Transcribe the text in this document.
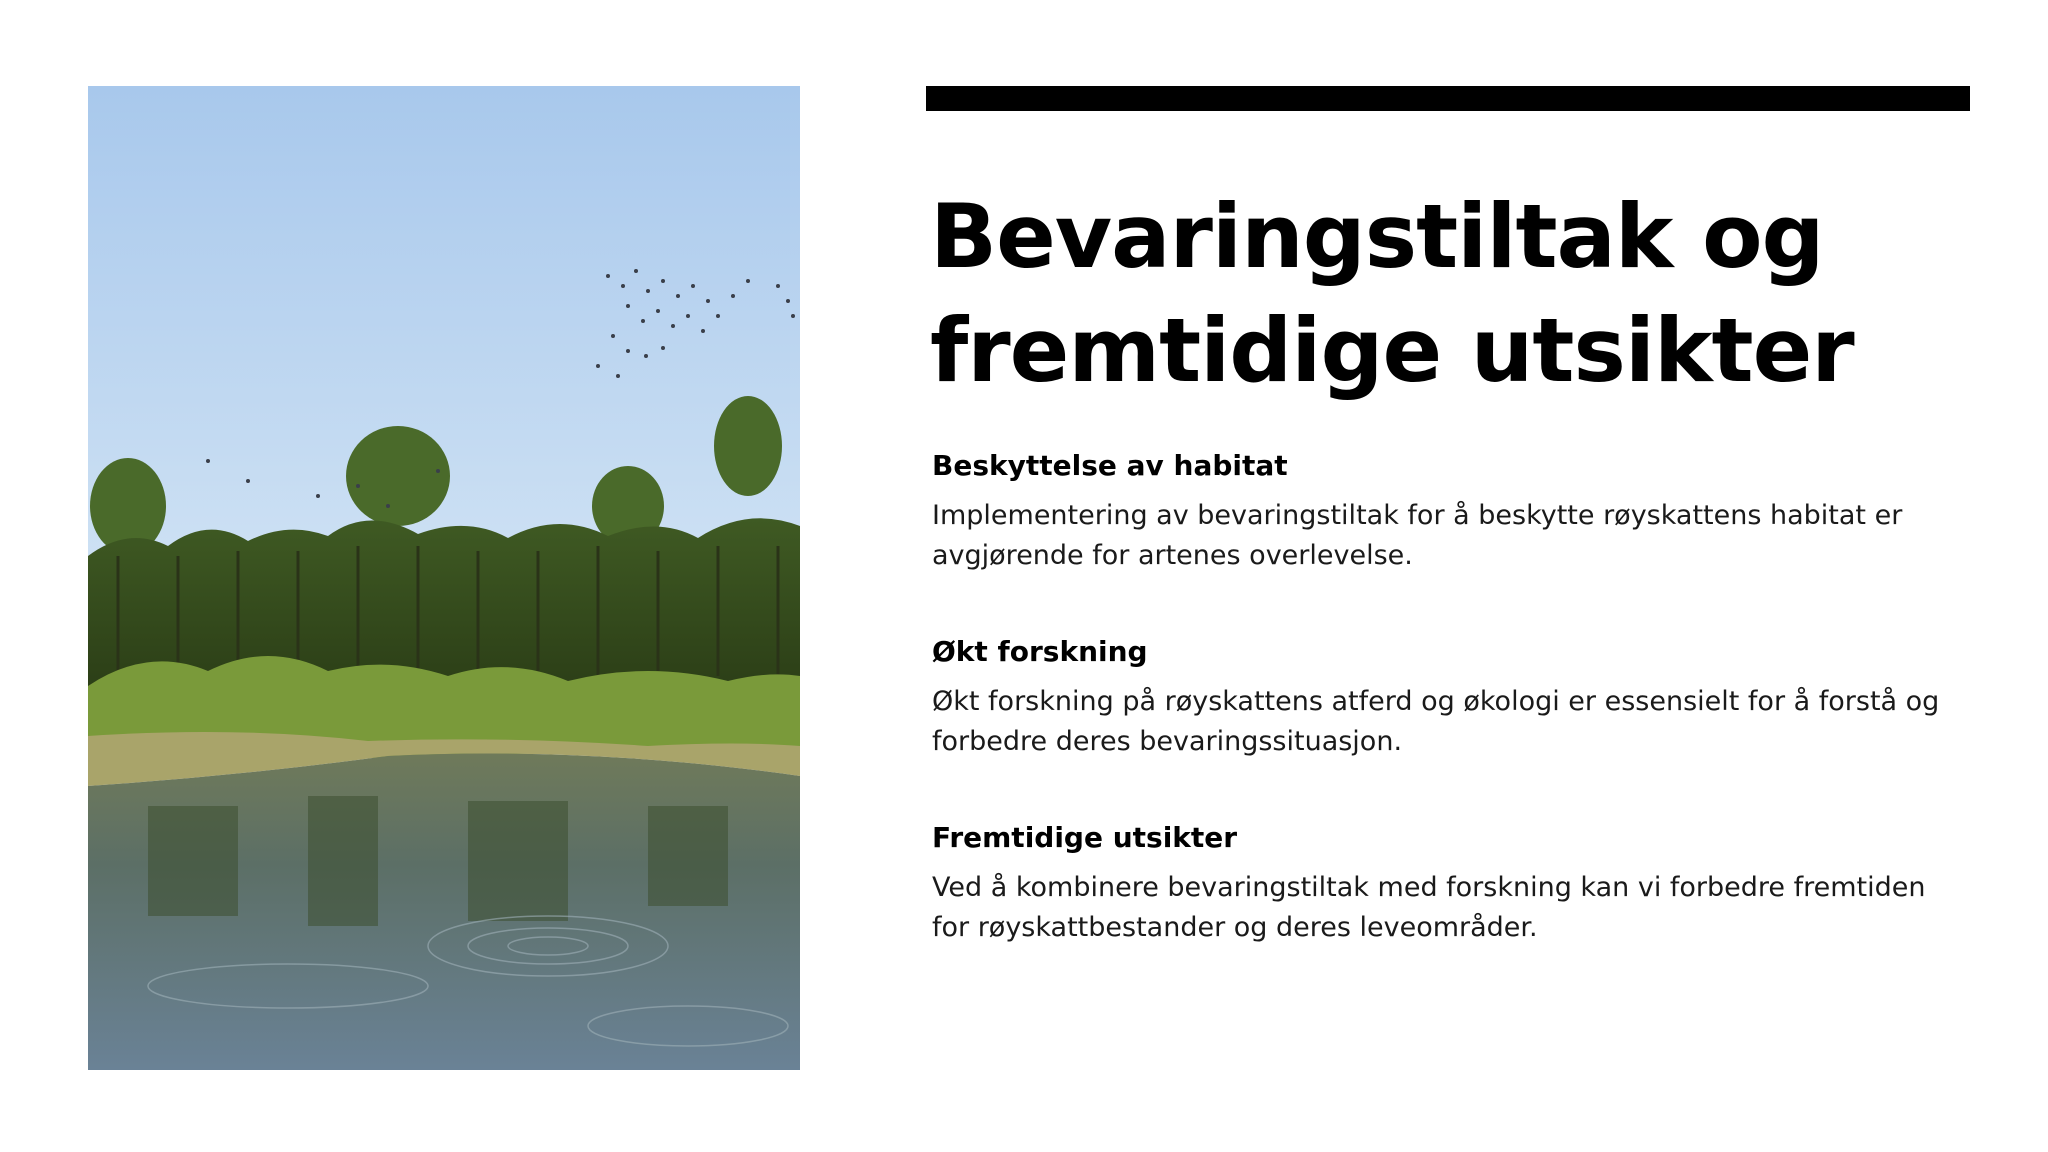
Bevaringstiltak og fremtidige utsikter
Beskyttelse av habitat

Implementering av bevaringstiltak for å beskytte røyskattens habitat er avgjørende for artenes overlevelse.

Økt forskning

Økt forskning på røyskattens atferd og økologi er essensielt for å forstå og forbedre deres bevaringssituasjon.

Fremtidige utsikter

Ved å kombinere bevaringstiltak med forskning kan vi forbedre fremtiden for røyskattbestander og deres leveområder.
